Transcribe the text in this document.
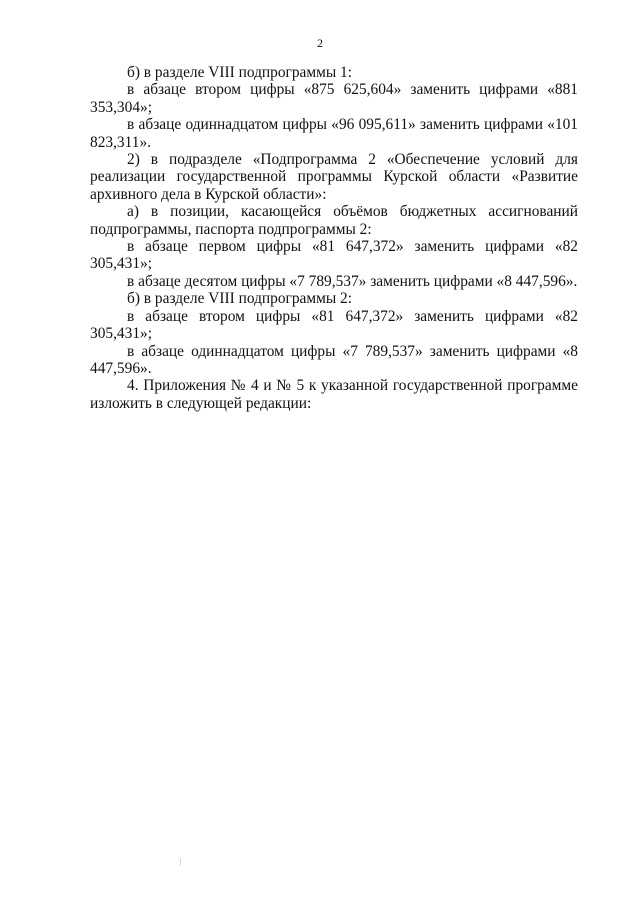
2

б) в разделе VIII подпрограммы 1:

в абзаце втором цифры «875 625,604» заменить цифрами «881 353,304»;

в абзаце одиннадцатом цифры «96 095,611» заменить цифрами «101 823,311».

2) в подразделе «Подпрограмма 2 «Обеспечение условий для реализации государственной программы Курской области «Развитие архивного дела в Курской области»:

а) в позиции, касающейся объёмов бюджетных ассигнований подпрограммы, паспорта подпрограммы 2:

в абзаце первом цифры «81 647,372» заменить цифрами «82 305,431»;

в абзаце десятом цифры «7 789,537» заменить цифрами «8 447,596».

б) в разделе VIII подпрограммы 2:

в абзаце втором цифры «81 647,372» заменить цифрами «82 305,431»;

в абзаце одиннадцатом цифры «7 789,537» заменить цифрами «8 447,596».

4. Приложения № 4 и № 5 к указанной государственной программе изложить в следующей редакции:
